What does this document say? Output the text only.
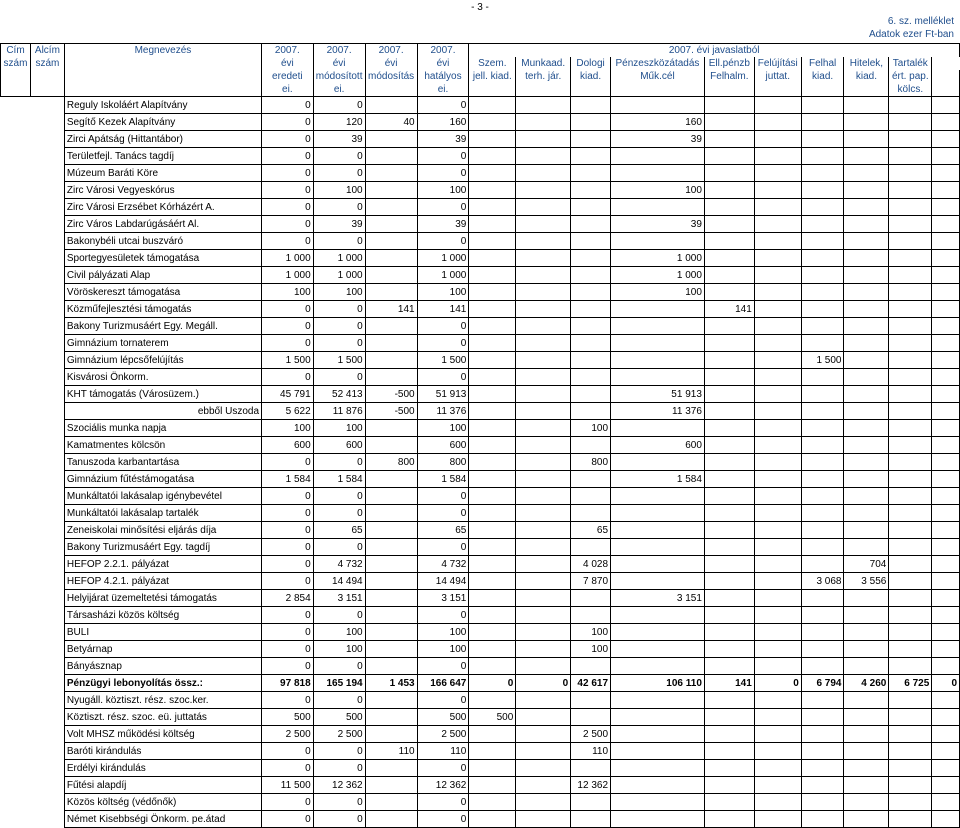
- 3 -
6. sz. melléklet
Adatok ezer Ft-ban
Cím	Alcím	Megnevezés	2007.	2007.	2007.	2007.	2007. évi javaslatból									
szám	szám		évi	évi	évi	évi	Szem.	Munkaad.	Dologi	Pénzeszközátadás	Ell.pénzb	Felújítási	Felhal	Hitelek,	Tartalék	
			eredeti	módosított	módosítás	hatályos	jell. kiad.	terh. jár.	kiad.	Műk.cél	Felhalm.	juttat.	kiad.	kiad.	ért. pap.	
			ei.	ei.		ei.									kölcs.	
		Reguly Iskoláért Alapítvány	0	0		0										
		Segítő Kezek Alapítvány	0	120	40	160				160						
		Zirci Apátság (Hittantábor)	0	39		39				39						
		Területfejl. Tanács tagdíj	0	0		0										
		Múzeum Baráti Köre	0	0		0										
		Zirc Városi Vegyeskórus	0	100		100				100						
		Zirc Városi Erzsébet Kórházért A.	0	0		0										
		Zirc Város Labdarúgásáért Al.	0	39		39				39						
		Bakonybéli utcai buszváró	0	0		0										
		Sportegyesületek támogatása	1 000	1 000		1 000				1 000						
		Civil pályázati Alap	1 000	1 000		1 000				1 000						
		Vöröskereszt támogatása	100	100		100				100						
		Közműfejlesztési támogatás	0	0	141	141					141					
		Bakony Turizmusáért Egy. Megáll.	0	0		0										
		Gimnázium tornaterem	0	0		0										
		Gimnázium lépcsőfelújítás	1 500	1 500		1 500							1 500			
		Kisvárosi Önkorm.	0	0		0										
		KHT támogatás (Városüzem.)	45 791	52 413	-500	51 913				51 913						
		ebből Uszoda	5 622	11 876	-500	11 376				11 376						
		Szociális munka napja	100	100		100			100							
		Kamatmentes kölcsön	600	600		600				600						
		Tanuszoda karbantartása	0	0	800	800			800							
		Gimnázium fűtéstámogatása	1 584	1 584		1 584				1 584						
		Munkáltatói lakásalap igénybevétel	0	0		0										
		Munkáltatói lakásalap tartalék	0	0		0										
		Zeneiskolai minősítési eljárás díja	0	65		65			65							
		Bakony Turizmusáért Egy. tagdíj	0	0		0										
		HEFOP 2.2.1. pályázat	0	4 732		4 732			4 028					704		
		HEFOP 4.2.1. pályázat	0	14 494		14 494			7 870				3 068	3 556		
		Helyijárat üzemeltetési támogatás	2 854	3 151		3 151				3 151						
		Társasházi közös költség	0	0		0										
		BULI	0	100		100			100							
		Betyárnap	0	100		100			100							
		Bányásznap	0	0		0										
		Pénzügyi lebonyolítás össz.:	97 818	165 194	1 453	166 647	0	0	42 617	106 110	141	0	6 794	4 260	6 725	0
		Nyugáll. köztiszt. rész. szoc.ker.	0	0		0										
		Köztiszt. rész. szoc. eü. juttatás	500	500		500	500									
		Volt MHSZ működési költség	2 500	2 500		2 500			2 500							
		Baróti kirándulás	0	0	110	110			110							
		Erdélyi kirándulás	0	0		0										
		Fűtési alapdíj	11 500	12 362		12 362			12 362							
		Közös költség (védőnők)	0	0		0										
		Német Kisebbségi Önkorm. pe.átad	0	0		0										
